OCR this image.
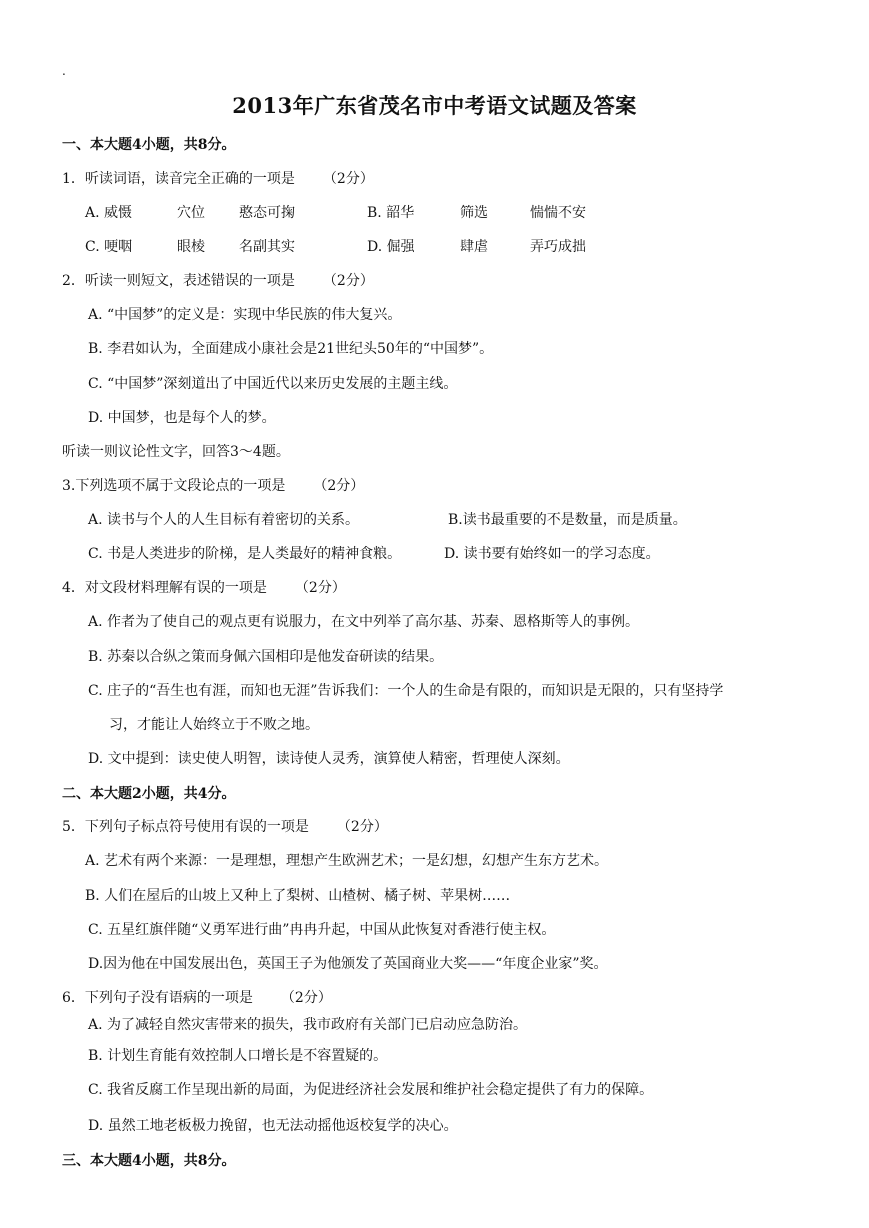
.
2013年广东省茂名市中考语文试题及答案
一、本大题4小题，共8分。
1．听读词语，读音完全正确的一项是 （2分）
A. 威慑	穴位 憨态可掬	B. 韶华	筛选	惴惴不安
C. 哽咽	眼棱 名副其实	D. 倔强	肆虐	弄巧成拙
2．听读一则短文，表述错误的一项是 （2分）
A. “中国梦”的定义是：实现中华民族的伟大复兴。
B. 李君如认为，全面建成小康社会是21世纪头50年的“中国梦”。
C. “中国梦”深刻道出了中国近代以来历史发展的主题主线。
D. 中国梦，也是每个人的梦。
听读一则议论性文字，回答3～4题。
3.下列选项不属于文段论点的一项是 （2分）
A. 读书与个人的人生目标有着密切的关系。	B.读书最重要的不是数量，而是质量。
C. 书是人类进步的阶梯，是人类最好的精神食粮。	D. 读书要有始终如一的学习态度。
4．对文段材料理解有误的一项是 （2分）
A. 作者为了使自己的观点更有说服力，在文中列举了高尔基、苏秦、恩格斯等人的事例。
B. 苏秦以合纵之策而身佩六国相印是他发奋研读的结果。
C. 庄子的“吾生也有涯，而知也无涯”告诉我们：一个人的生命是有限的，而知识是无限的，只有坚持学
习，才能让人始终立于不败之地。
D. 文中提到：读史使人明智，读诗使人灵秀，演算使人精密，哲理使人深刻。
二、本大题2小题，共4分。
5．下列句子标点符号使用有误的一项是 （2分）
A. 艺术有两个来源：一是理想，理想产生欧洲艺术；一是幻想，幻想产生东方艺术。
B. 人们在屋后的山坡上又种上了梨树、山楂树、橘子树、苹果树……
C. 五星红旗伴随“义勇军进行曲”冉冉升起，中国从此恢复对香港行使主权。
D.因为他在中国发展出色，英国王子为他颁发了英国商业大奖——“年度企业家”奖。
6．下列句子没有语病的一项是 （2分）
A. 为了减轻自然灾害带来的损失，我市政府有关部门已启动应急防治。
B. 计划生育能有效控制人口增长是不容置疑的。
C. 我省反腐工作呈现出新的局面，为促进经济社会发展和维护社会稳定提供了有力的保障。
D. 虽然工地老板极力挽留，也无法动摇他返校复学的决心。
三、本大题4小题，共8分。
